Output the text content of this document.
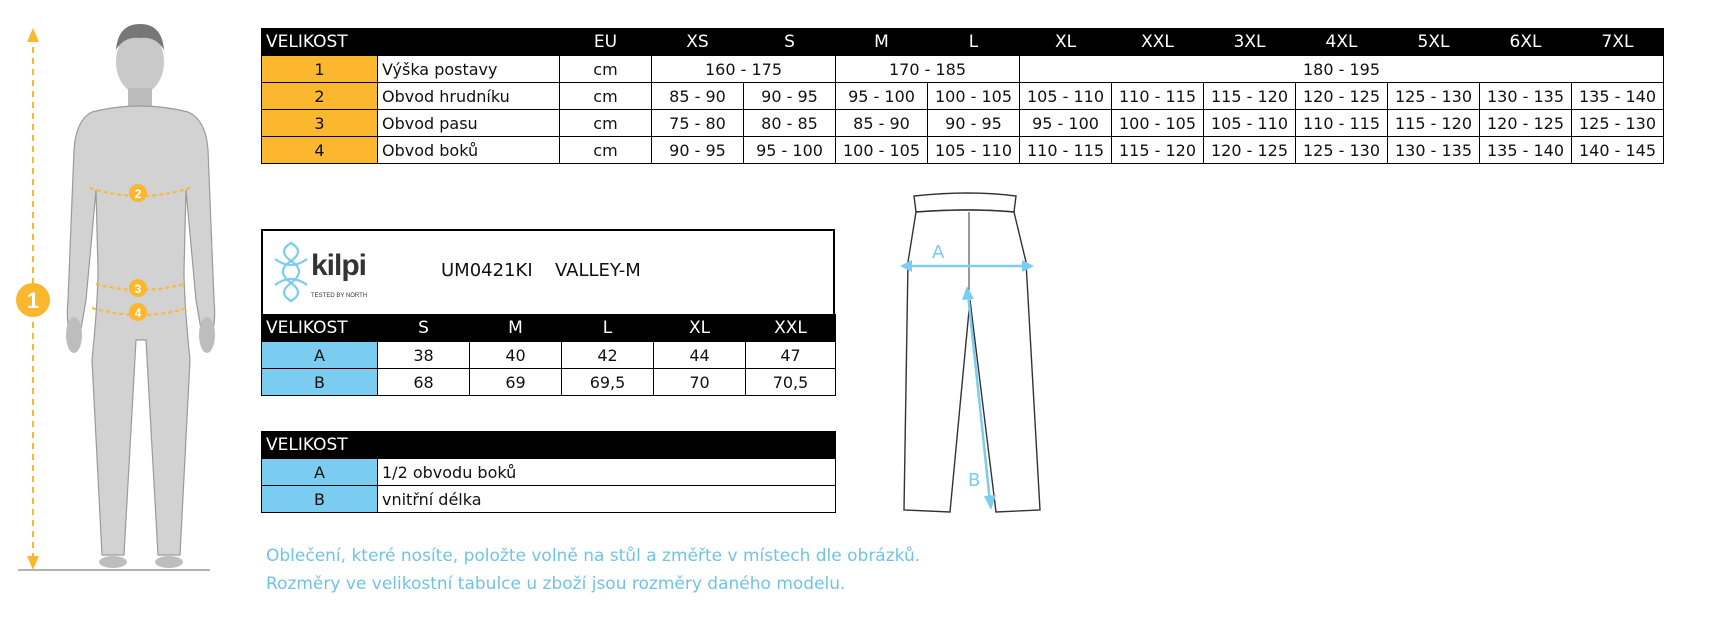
1
2
3
4
VELIKOST		EU	XS	S	M	L	XL	XXL	3XL	4XL	5XL	6XL	7XL
1	Výška postavy	cm	160 - 175		170 - 185		180 - 195						
2	Obvod hrudníku	cm	85 - 90	90 - 95	95 - 100	100 - 105	105 - 110	110 - 115	115 - 120	120 - 125	125 - 130	130 - 135	135 - 140
3	Obvod pasu	cm	75 - 80	80 - 85	85 - 90	90 - 95	95 - 100	100 - 105	105 - 110	110 - 115	115 - 120	120 - 125	125 - 130
4	Obvod boků	cm	90 - 95	95 - 100	100 - 105	105 - 110	110 - 115	115 - 120	120 - 125	125 - 130	130 - 135	135 - 140	140 - 145
kilpi
TESTED BY NORTH
UM0421KI VALLEY-M
VELIKOST	S	M	L	XL	XXL
A	38	40	42	44	47
B	68	69	69,5	70	70,5
VELIKOST	
A	1/2 obvodu boků
B	vnitřní délka
A
B
Oblečení, které nosíte, položte volně na stůl a změřte v místech dle obrázků.
Rozměry ve velikostní tabulce u zboží jsou rozměry daného modelu.
